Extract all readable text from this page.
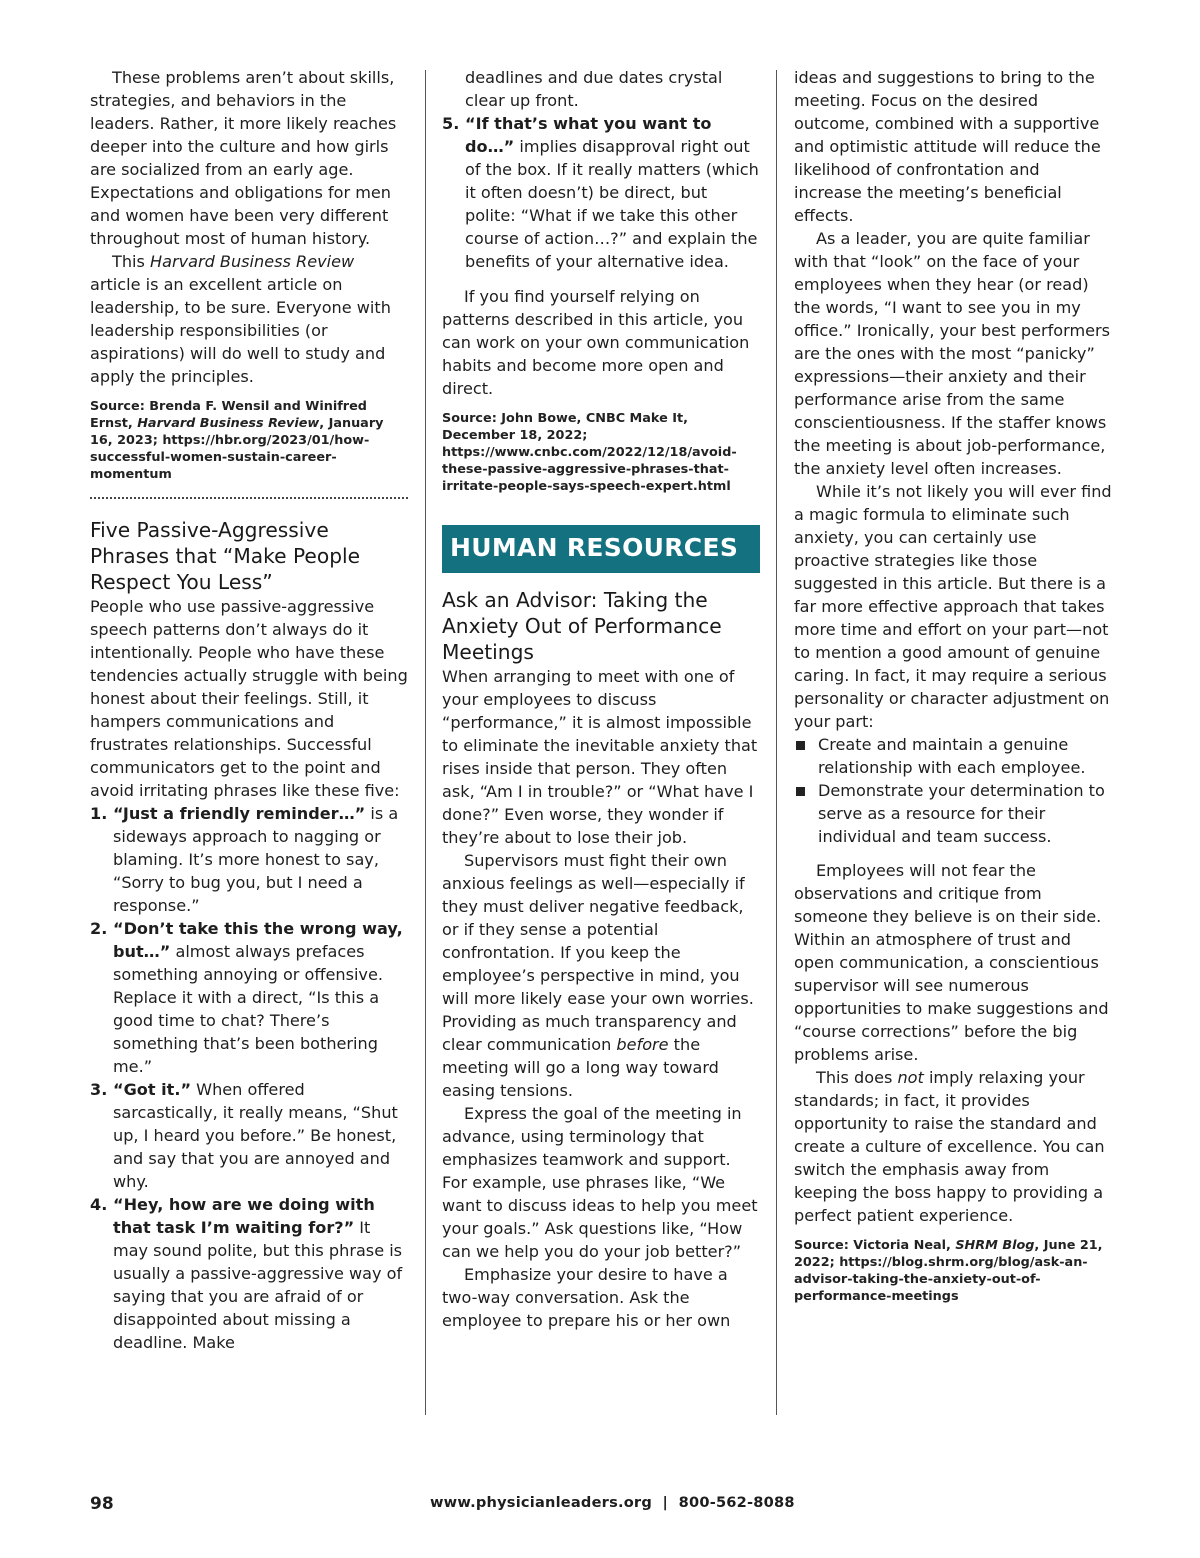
These problems aren’t about skills, strategies, and behaviors in the leaders. Rather, it more likely reaches deeper into the culture and how girls are socialized from an early age. Expectations and obligations for men and women have been very different throughout most of human history.

This Harvard Business Review article is an excellent article on leadership, to be sure. Everyone with leadership responsibilities (or aspirations) will do well to study and apply the principles.

Source: Brenda F. Wensil and Winifred Ernst, Harvard Business Review, January 16, 2023; https://hbr.org/2023/01/how-successful-women-sustain-career-momentum

Five Passive-Aggressive Phrases that “Make People Respect You Less”

People who use passive-aggressive speech patterns don’t always do it intentionally. People who have these tendencies actually struggle with being honest about their feelings. Still, it hampers communications and frustrates relationships. Successful communicators get to the point and avoid irritating phrases like these five:

1. “Just a friendly reminder…” is a sideways approach to nagging or blaming. It’s more honest to say, “Sorry to bug you, but I need a response.”
2. “Don’t take this the wrong way, but…” almost always prefaces something annoying or offensive. Replace it with a direct, “Is this a good time to chat? There’s something that’s been bothering me.”
3. “Got it.” When offered sarcastically, it really means, “Shut up, I heard you before.” Be honest, and say that you are annoyed and why.
4. “Hey, how are we doing with that task I’m waiting for?” It may sound polite, but this phrase is usually a passive-aggressive way of saying that you are afraid of or disappointed about missing a deadline. Make
deadlines and due dates crystal clear up front.
5. “If that’s what you want to do…” implies disapproval right out of the box. If it really matters (which it often doesn’t) be direct, but polite: “What if we take this other course of action…?” and explain the benefits of your alternative idea.

If you find yourself relying on patterns described in this article, you can work on your own communication habits and become more open and direct.

Source: John Bowe, CNBC Make It, December 18, 2022; https://www.cnbc.com/2022/12/18/avoid-these-passive-aggressive-phrases-that-irritate-people-says-speech-expert.html

HUMAN RESOURCES
Ask an Advisor: Taking the Anxiety Out of Performance Meetings

When arranging to meet with one of your employees to discuss “performance,” it is almost impossible to eliminate the inevitable anxiety that rises inside that person. They often ask, “Am I in trouble?” or “What have I done?” Even worse, they wonder if they’re about to lose their job.

Supervisors must fight their own anxious feelings as well—especially if they must deliver negative feedback, or if they sense a potential confrontation. If you keep the employee’s perspective in mind, you will more likely ease your own worries. Providing as much transparency and clear communication before the meeting will go a long way toward easing tensions.

Express the goal of the meeting in advance, using terminology that emphasizes teamwork and support. For example, use phrases like, “We want to discuss ideas to help you meet your goals.” Ask questions like, “How can we help you do your job better?”

Emphasize your desire to have a two-way conversation. Ask the employee to prepare his or her own

ideas and suggestions to bring to the meeting. Focus on the desired outcome, combined with a supportive and optimistic attitude will reduce the likelihood of confrontation and increase the meeting’s beneficial effects.

As a leader, you are quite familiar with that “look” on the face of your employees when they hear (or read) the words, “I want to see you in my office.” Ironically, your best performers are the ones with the most “panicky” expressions—their anxiety and their performance arise from the same conscientiousness. If the staffer knows the meeting is about job-performance, the anxiety level often increases.

While it’s not likely you will ever find a magic formula to eliminate such anxiety, you can certainly use proactive strategies like those suggested in this article. But there is a far more effective approach that takes more time and effort on your part—not to mention a good amount of genuine caring. In fact, it may require a serious personality or character adjustment on your part:

Create and maintain a genuine relationship with each employee.
Demonstrate your determination to serve as a resource for their individual and team success.

Employees will not fear the observations and critique from someone they believe is on their side. Within an atmosphere of trust and open communication, a conscientious supervisor will see numerous opportunities to make suggestions and “course corrections” before the big problems arise.

This does not imply relaxing your standards; in fact, it provides opportunity to raise the standard and create a culture of excellence. You can switch the emphasis away from keeping the boss happy to providing a perfect patient experience.

Source: Victoria Neal, SHRM Blog, June 21, 2022; https://blog.shrm.org/blog/ask-an-advisor-taking-the-anxiety-out-of-performance-meetings

98	www.physicianleaders.org  |  800-562-8088
